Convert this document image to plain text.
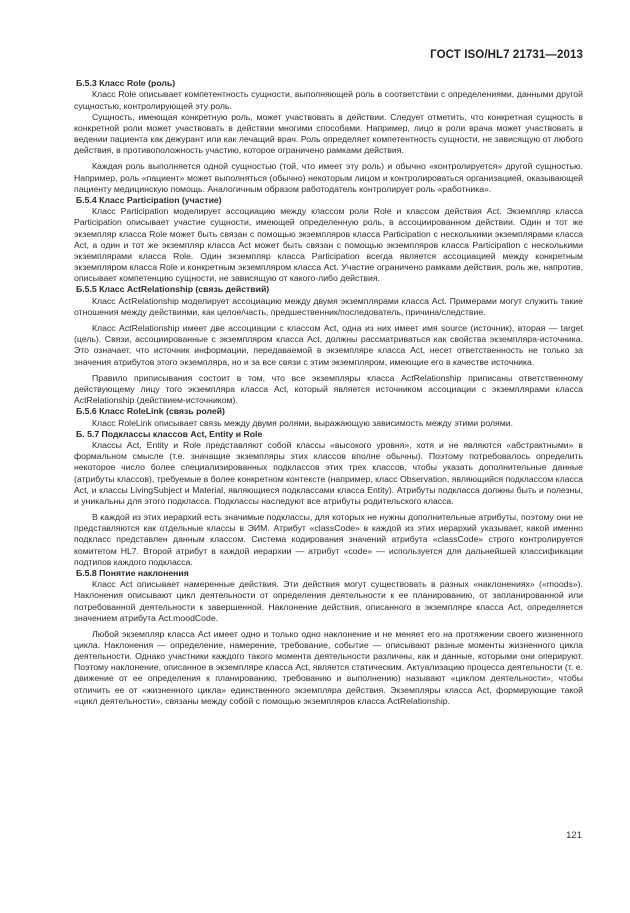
ГОСТ ISO/HL7 21731—2013
Б.5.3 Класс Role (роль)

Класс Role описывает компетентность сущности, выполняющей роль в соответствии с определениями, данными другой сущностью, контролирующей эту роль.

Сущность, имеющая конкретную роль, может участвовать в действии. Следует отметить, что конкретная сущность в конкретной роли может участвовать в действии многими способами. Например, лицо в роли врача может участвовать в ведении пациента как дежурант или как лечащий врач. Роль определяет компетентность сущности, не зависящую от любого действия, в противоположность участию, которое ограничено рамками действия.

Каждая роль выполняется одной сущностью (той, что имеет эту роль) и обычно «контролируется» другой сущностью. Например, роль «пациент» может выполняться (обычно) некоторым лицом и контролироваться организацией, оказывающей пациенту медицинскую помощь. Аналогичным образом работодатель контролирует роль «работника».

Б.5.4 Класс Participation (участие)

Класс Participation моделирует ассоциацию между классом роли Role и классом действия Act. Экземпляр класса Participation описывает участие сущности, имеющей определенную роль, в ассоциированном действии. Один и тот же экземпляр класса Role может быть связан с помощью экземпляров класса Participation с несколькими экземплярами класса Act, а один и тот же экземпляр класса Act может быть связан с помощью экземпляров класса Participation с несколькими экземплярами класса Role. Один экземпляр класса Participation всегда является ассоциацией между конкретным экземпляром класса Role и конкретным экземпляром класса Act. Участие ограничено рамками действия, роль же, напротив, описывает компетенцию сущности, не зависящую от какого-либо действия.

Б.5.5 Класс ActRelationship (связь действий)

Класс ActRelationship моделирует ассоциацию между двумя экземплярами класса Act. Примерами могут служить такие отношения между действиями, как целое/часть, предшественник/последователь, причина/следствие.

Класс ActRelationship имеет две ассоциации с классом Act, одна из них имеет имя source (источник), вторая — target (цель). Связи, ассоциированные с экземпляром класса Act, должны рассматриваться как свойства экземпляра-источника. Это означает, что источник информации, передаваемой в экземпляре класса Act, несет ответственность не только за значения атрибутов этого экземпляра, но и за все связи с этим экземпляром, имеющие его в качестве источника.

Правило приписывания состоит в том, что все экземпляры класса ActRelationship приписаны ответственному действующему лицу того экземпляра класса Act, который является источником ассоциации с экземплярами класса ActRelationship (действием-источником).

Б.5.6 Класс RoleLink (связь ролей)

Класс RoleLink описывает связь между двумя ролями, выражающую зависимость между этими ролями.

Б. 5.7 Подклассы классов Act, Entity и Role

Классы Act, Entity и Role представляют собой классы «высокого уровня», хотя и не являются «абстрактными» в формальном смысле (т.е. значащие экземпляры этих классов вполне обычны). Поэтому потребовалось определить некоторое число более специализированных подклассов этих трех классов, чтобы указать дополнительные данные (атрибуты классов), требуемые в более конкретном контексте (например, класс Observation, являющийся подклассом класса Act, и классы LivingSubject и Material, являющиеся подклассами класса Entity). Атрибуты подкласса должны быть и полезны, и уникальны для этого подкласса. Подклассы наследуют все атрибуты родительского класса.

В каждой из этих иерархий есть значимые подклассы, для которых не нужны дополнительные атрибуты, поэтому они не представляются как отдельные классы в ЭИМ. Атрибут «classCode» в каждой из этих иерархий указывает, какой именно подкласс представлен данным классом. Система кодирования значений атрибута «classCode» строго контролируется комитетом HL7. Второй атрибут в каждой иерархии — атрибут «code» — используется для дальнейшей классификации подтипов каждого подкласса.

Б.5.8 Понятие наклонения

Класс Act описывает намеренные действия. Эти действия могут существовать в разных «наклонениях» («moods»). Наклонения описывают цикл деятельности от определения деятельности к ее планированию, от запланированной или потребованной деятельности к завершенной. Наклонение действия, описанного в экземпляре класса Act, определяется значением атрибута Act.moodCode.

Любой экземпляр класса Act имеет одно и только одно наклонение и не меняет его на протяжении своего жизненного цикла. Наклонения — определение, намерение, требование, событие — описывают разные моменты жизненного цикла деятельности. Однако участники каждого такого момента деятельности различны, как и данные, которыми они оперируют. Поэтому наклонение, описанное в экземпляре класса Act, является статическим. Актуализацию процесса деятельности (т. е. движение от ее определения к планированию, требованию и выполнению) называют «циклом деятельности», чтобы отличить ее от «жизненного цикла» единственного экземпляра действия. Экземпляры класса Act, формирующие такой «цикл деятельности», связаны между собой с помощью экземпляров класса ActRelationship.

121
